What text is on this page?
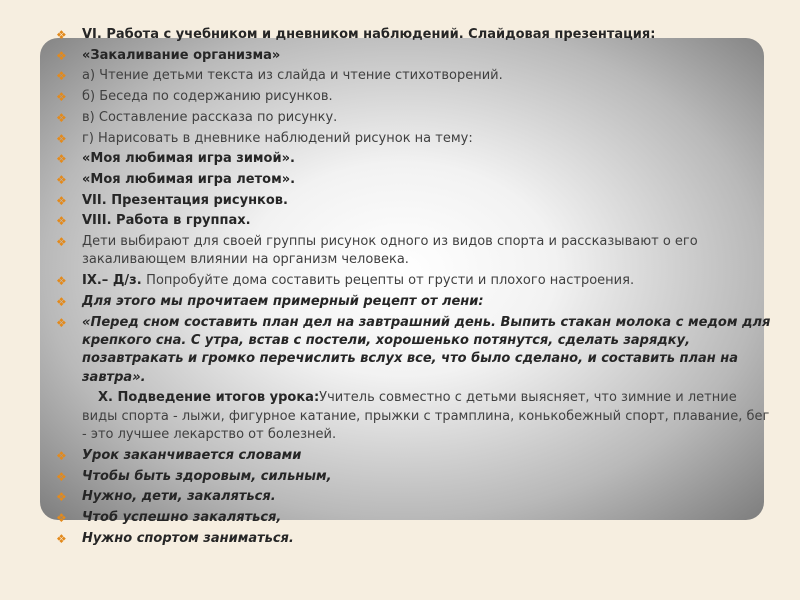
❖ VI. Работа с учебником и дневником наблюдений. Слайдовая презентация:
❖ «Закаливание организма»
❖ а) Чтение детьми текста из слайда и чтение стихотворений.
❖ б) Беседа по содержанию рисунков.
❖ в) Составление рассказа по рисунку.
❖ г) Нарисовать в дневнике наблюдений рисунок на тему:
❖ «Моя любимая игра зимой».
❖ «Моя любимая игра летом».
❖ VII. Презентация рисунков.
❖ VIII. Работа в группах.
❖ Дети выбирают для своей группы рисунок одного из видов спорта и рассказывают о его закаливающем влиянии на организм человека.
❖ IX.– Д/з. Попробуйте дома составить рецепты от грусти и плохого настроения.
❖ Для этого мы прочитаем примерный рецепт от лени:
❖ «Перед сном составить план дел на завтрашний день. Выпить стакан молока с медом для крепкого сна. С утра, встав с постели, хорошенько потянутся, сделать зарядку, позавтракать и громко перечислить вслух все, что было сделано, и составить план на завтра».
X. Подведение итогов урока:Учитель совместно с детьми выясняет, что зимние и летние виды спорта - лыжи, фигурное катание, прыжки с трамплина, конькобежный спорт, плавание, бег - это лучшее лекарство от болезней.
❖ Урок заканчивается словами
❖ Чтобы быть здоровым, сильным,
❖ Нужно, дети, закаляться.
❖ Чтоб успешно закаляться,
❖ Нужно спортом заниматься.
